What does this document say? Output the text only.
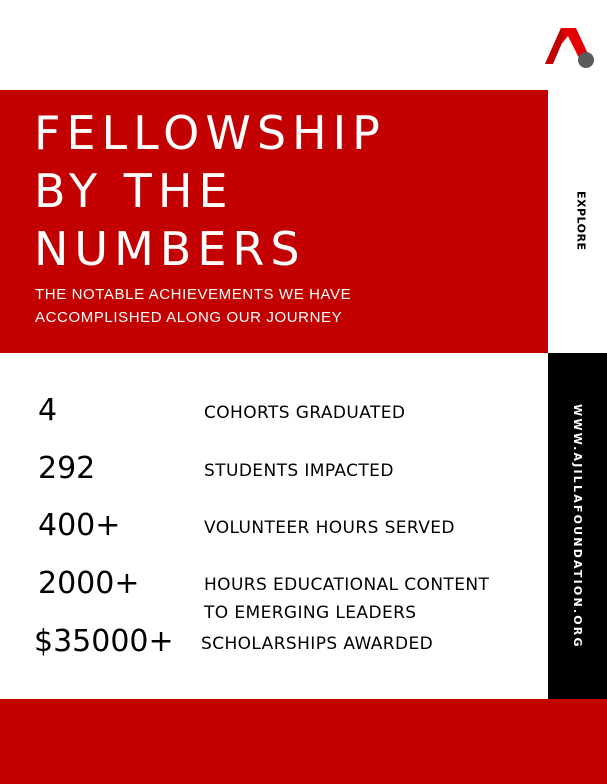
FELLOWSHIP
BY THE
NUMBERS

THE NOTABLE ACHIEVEMENTS WE HAVE
ACCOMPLISHED ALONG OUR JOURNEY

EXPLORE
WWW.AJILLAFOUNDATION.ORG

4	COHORTS GRADUATED

292	STUDENTS IMPACTED

400+	VOLUNTEER HOURS SERVED

2000+	HOURS EDUCATIONAL CONTENT
TO EMERGING LEADERS

$35000+ SCHOLARSHIPS AWARDED
